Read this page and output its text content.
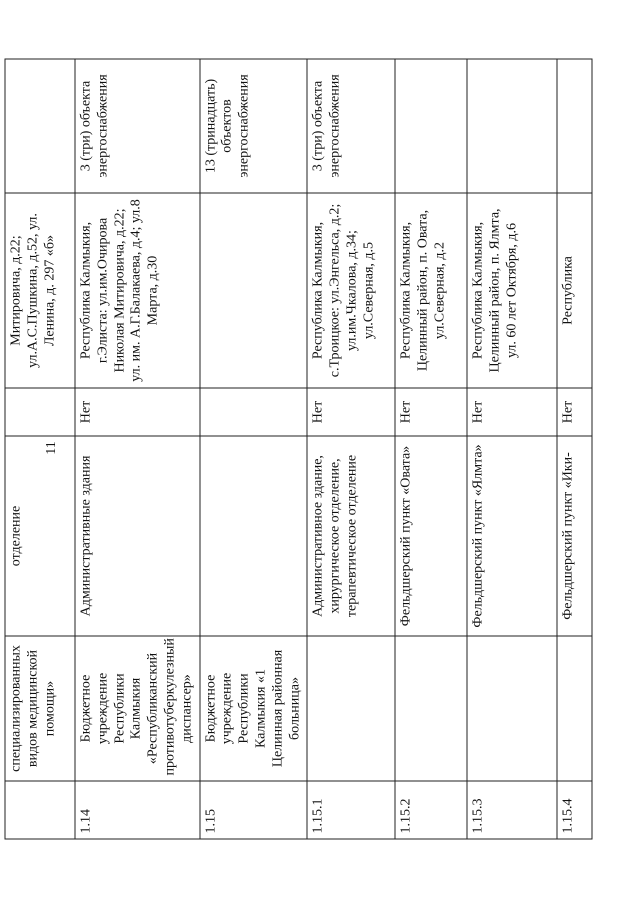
11
	специализированных видов медицинской помощи»	отделение		Митировича, д.22; ул.А.С.Пушкина, д.52, ул. Ленина, д. 297 «б»	
1.14	Бюджетное учреждение Республики Калмыкия «Республиканский противотуберкулезный диспансер»	Административные здания	Нет	Республика Калмыкия, г.Элиста: ул.им.Очирова Николая Митировича, д.22; ул. им. А.Г.Балакаева, д.4; ул.8 Марта, д.30	3 (три) объекта энергоснабжения
1.15	Бюджетное учреждение Республики Калмыкия «1 Целинная районная больница»				13 (тринадцать) объектов энергоснабжения
1.15.1		Административное здание, хирургическое отделение, терапевтическое отделение	Нет	Республика Калмыкия, с.Троицкое: ул.Энгельса, д.2; ул.им.Чкалова, д.34; ул.Северная, д.5	3 (три) объекта энергоснабжения
1.15.2		Фельдшерский пункт «Овата»	Нет	Республика Калмыкия, Целинный район, п. Овата, ул.Северная, д.2	
1.15.3		Фельдшерский пункт «Ялмта»	Нет	Республика Калмыкия, Целинный район, п. Ялмта, ул. 60 лет Октября, д.6	
1.15.4		Фельдшерский пункт «Ики-	Нет	Республика	
